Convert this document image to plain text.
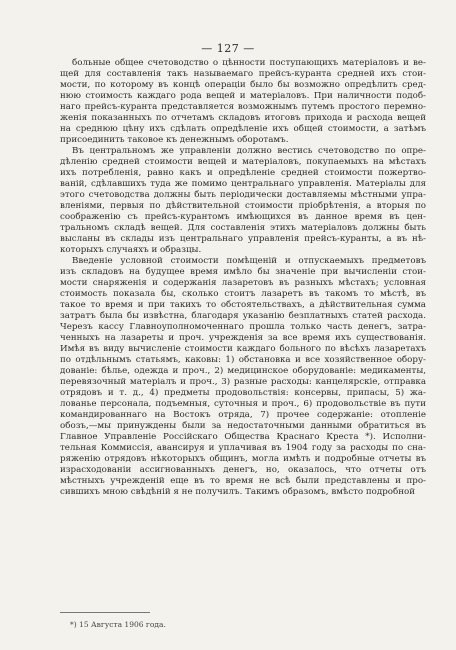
— 127 —
больные общее счетоводство о цѣнности поступающихъ матеріаловъ и ве-
щей для составленія такъ называемаго прейсъ-куранта средней ихъ стои-
мости, по которому въ концѣ операціи было бы возможно опредѣлить сред-
нюю стоимость каждаго рода вещей и матеріаловъ. При наличности подоб-
наго прейсъ-куранта представляется возможнымъ путемъ простого перемно-
женія показанныхъ по отчетамъ складовъ итоговъ прихода и расхода вещей
на среднюю цѣну ихъ сдѣлать опредѣленіе ихъ общей стоимости, а затѣмъ
присоединить таковое къ денежнымъ оборотамъ.
Въ центральномъ же управленіи должно вестись счетоводство по опре-
дѣленію средней стоимости вещей и матеріаловъ, покупаемыхъ на мѣстахъ
ихъ потребленія, равно какъ и опредѣленіе средней стоимости пожертво-
ваній, сдѣлавшихъ туда же помимо центральнаго управленія. Матеріалы для
этого счетоводства должны быть періодически доставляемы мѣстными упра-
вленіями, первыя по дѣйствительной стоимости пріобрѣтенія, а вторыя по
соображенію съ прейсъ-курантомъ имѣющихся въ данное время въ цен-
тральномъ складѣ вещей. Для составленія этихъ матеріаловъ должны быть
высланы въ склады изъ центральнаго управленія прейсъ-куранты, а въ нѣ-
которыхъ случаяхъ и образцы.
Введеніе условной стоимости помѣщеній и отпускаемыхъ предметовъ
изъ складовъ на будущее время имѣло бы значеніе при вычисленіи стои-
мости снаряженія и содержанія лазаретовъ въ разныхъ мѣстахъ; условная
стоимость показала бы, сколько стоитъ лазаретъ въ такомъ то мѣстѣ, въ
такое то время и при такихъ то обстоятельствахъ, а дѣйствительная сумма
затратъ была бы извѣстна, благодаря указанію безплатныхъ статей расхода.
Черезъ кассу Главноуполномоченнаго прошла только часть денегъ, затра-
ченныхъ на лазареты и проч. учрежденія за все время ихъ существованія.
Имѣя въ виду вычисленіе стоимости каждаго больного по вѣсѣхъ лазаретахъ
по отдѣльнымъ статьямъ, каковы: 1) обстановка и все хозяйственное обору-
дованіе: бѣлье, одежда и проч., 2) медицинское оборудованіе: медикаменты,
перевязочный матеріалъ и проч., 3) разные расходы: канцелярскіе, отправка
отрядовъ и т. д., 4) предметы продовольствія: консервы, припасы, 5) жа-
лованье персонала, подъемныя, суточныя и проч., 6) продовольствіе въ пути
командированнаго на Востокъ отряда, 7) прочее содержаніе: отопленіе
обозъ,—мы принуждены были за недостаточными данными обратиться въ
Главное Управленіе Россійскаго Общества Краснаго Креста *). Исполни-
тельная Коммиссія, авансируя и уплачивая въ 1904 году за расходы по сна-
ряженію отрядовъ нѣкоторыхъ общинъ, могла имѣть и подробные отчеты въ
израсходованіи ассигнованныхъ денегъ, но, оказалось, что отчеты отъ
мѣстныхъ учрежденій еще въ то время не всѣ были представлены и про-
сившихъ мною свѣдѣній я не получилъ. Такимъ образомъ, вмѣсто подробной
*) 15 Августа 1906 года.
